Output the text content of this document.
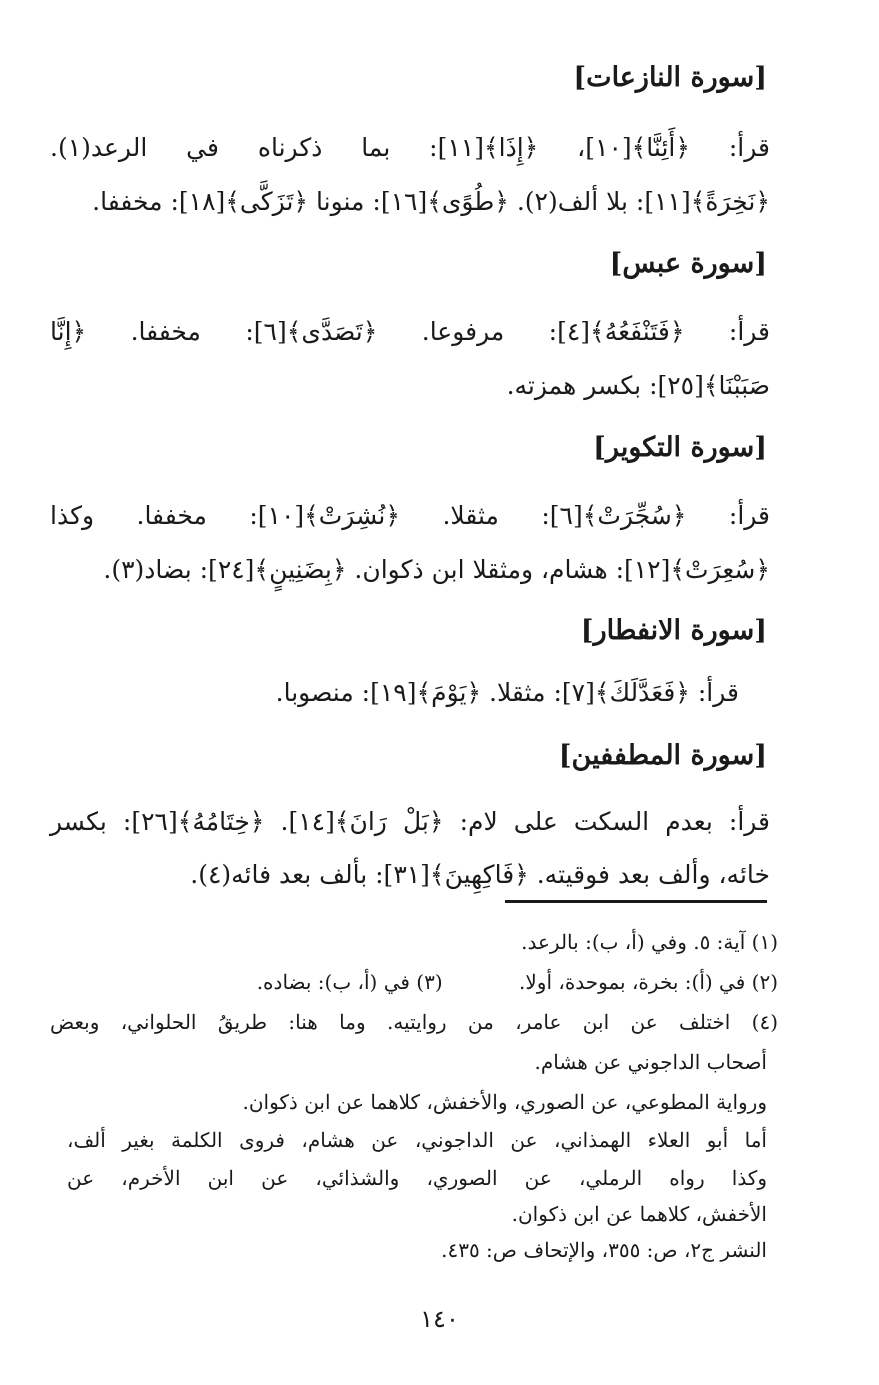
[سورة النازعات]
قرأ: ﴿أَئِنَّا﴾[١٠]، ﴿إِذَا﴾[١١]: بما ذكرناه في الرعد(١).
﴿نَخِرَةً﴾[١١]: بلا ألف(٢). ﴿طُوًى﴾[١٦]: منونا ﴿تَزَكَّى﴾[١٨]: مخففا.
[سورة عبس]
قرأ: ﴿فَتَنْفَعُهُ﴾[٤]: مرفوعا. ﴿تَصَدَّى﴾[٦]: مخففا. ﴿إِنَّا
صَبَبْنَا﴾[٢٥]: بكسر همزته.
[سورة التكوير]
قرأ: ﴿سُجِّرَتْ﴾[٦]: مثقلا. ﴿نُشِرَتْ﴾[١٠]: مخففا. وكذا
﴿سُعِرَتْ﴾[١٢]: هشام، ومثقلا ابن ذكوان. ﴿بِضَنِينٍ﴾[٢٤]: بضاد(٣).
[سورة الانفطار]
قرأ: ﴿فَعَدَّلَكَ﴾[٧]: مثقلا. ﴿يَوْمَ﴾[١٩]: منصوبا.
[سورة المطففين]
قرأ: بعدم السكت على لام: ﴿بَلْ رَانَ﴾[١٤]. ﴿خِتَامُهُ﴾[٢٦]: بكسر
خائه، وألف بعد فوقيته. ﴿فَاكِهِينَ﴾[٣١]: بألف بعد فائه(٤).
(١) آية: ٥. وفي (أ، ب): بالرعد.
(٢) في (أ): بخرة، بموحدة، أولا. (٣) في (أ، ب): بضاده.
(٤) اختلف عن ابن عامر، من روايتيه. وما هنا: طريقُ الحلواني، وبعض
أصحاب الداجوني عن هشام.
ورواية المطوعي، عن الصوري، والأخفش، كلاهما عن ابن ذكوان.
أما أبو العلاء الهمذاني، عن الداجوني، عن هشام، فروى الكلمة بغير ألف،
وكذا رواه الرملي، عن الصوري، والشذائي، عن ابن الأخرم، عن
الأخفش، كلاهما عن ابن ذكوان.
النشر ج٢، ص: ٣٥٥، والإتحاف ص: ٤٣٥.
١٤٠
